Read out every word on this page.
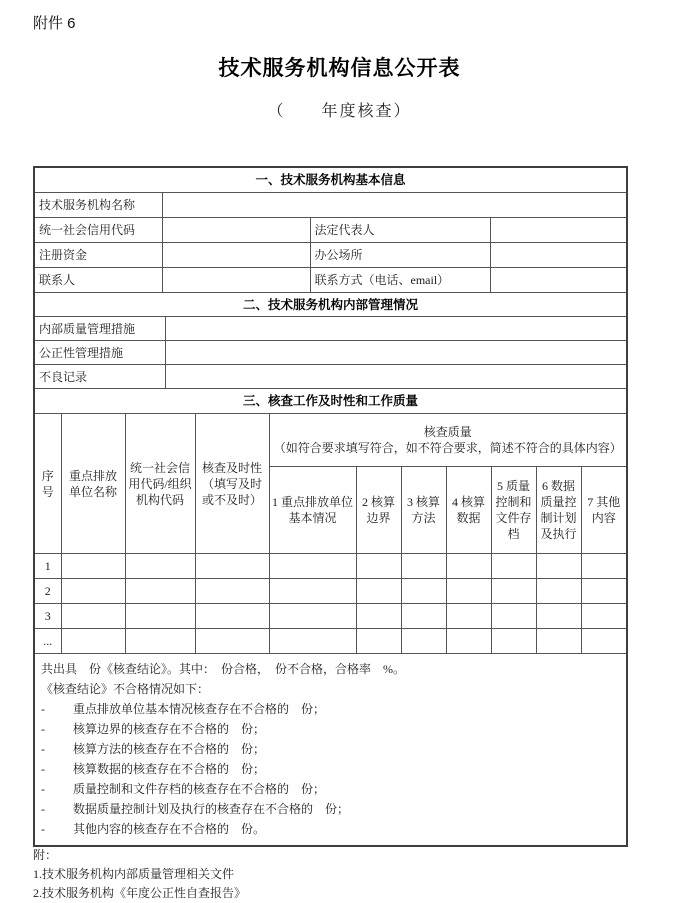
附件 6
技术服务机构信息公开表
（　　年度核查）
一、技术服务机构基本信息			
技术服务机构名称			
统一社会信用代码		法定代表人	
注册资金		办公场所	
联系人		联系方式（电话、email）	
二、技术服务机构内部管理情况	
内部质量管理措施	
公正性管理措施	
不良记录	
三、核查工作及时性和工作质量										
序号	重点排放单位名称	统一社会信用代码/组织机构代码	核查及时性（填写及时或不及时）	核查质量
（如符合要求填写符合，如不符合要求，简述不符合的具体内容）						

				1 重点排放单位基本情况	2 核算边界	3 核算方法	4 核算数据	5 质量控制和文件存档	6 数据质量控制计划及执行	7 其他内容
1										
2										
3										
...										
共出具　份《核查结论》。其中：　份合格，　份不合格，合格率　%。
《核查结论》不合格情况如下：
-	重点排放单位基本情况核查存在不合格的　份；
-	核算边界的核查存在不合格的　份；
-	核算方法的核查存在不合格的　份；
-	核算数据的核查存在不合格的　份；
-	质量控制和文件存档的核查存在不合格的　份；
-	数据质量控制计划及执行的核查存在不合格的　份；
-	其他内容的核查存在不合格的　份。
附：
1.技术服务机构内部质量管理相关文件
2.技术服务机构《年度公正性自查报告》
